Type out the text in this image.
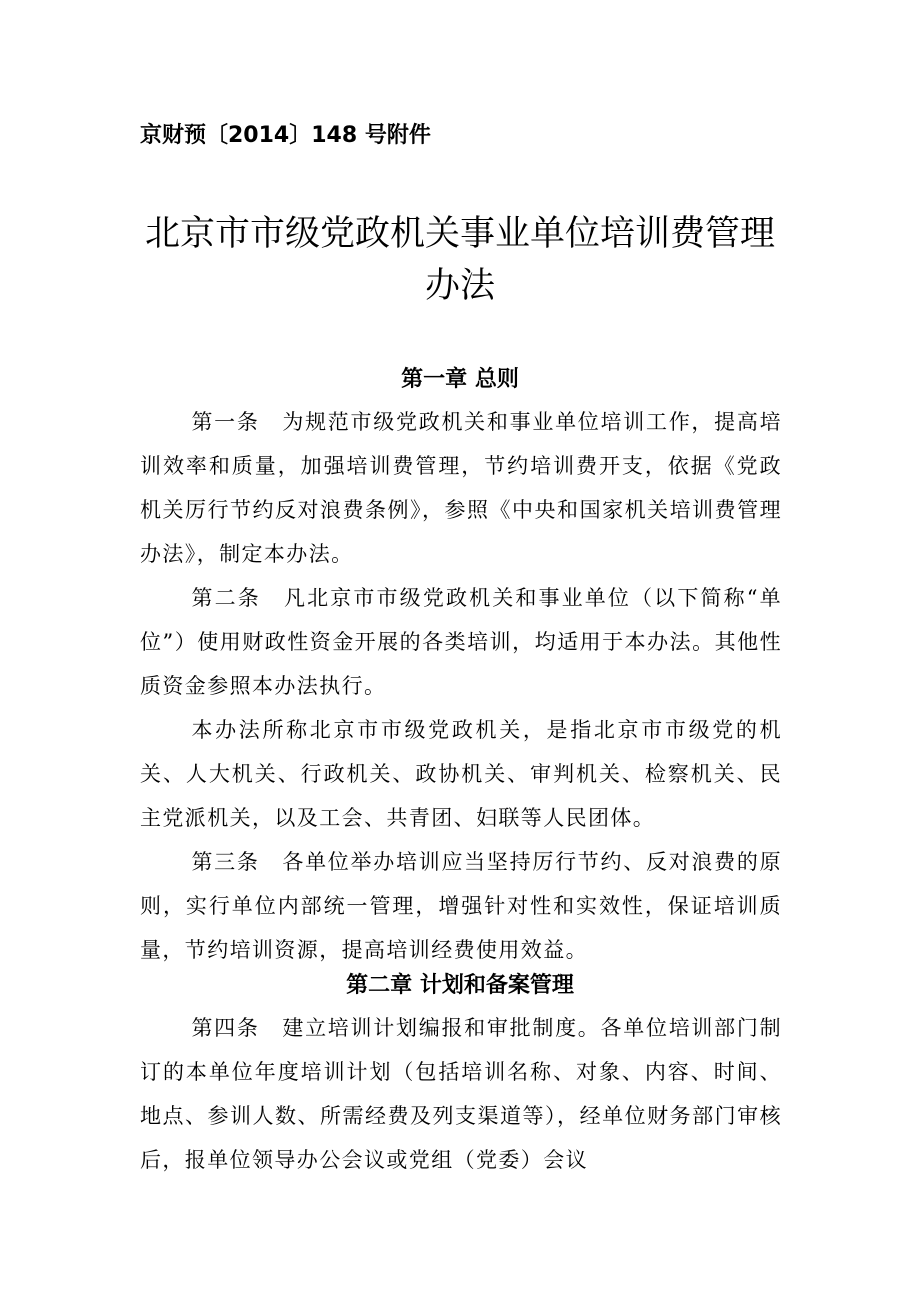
京财预〔2014〕148 号附件
北京市市级党政机关事业单位培训费管理
办法
第一章 总则
第一条　 为规范市级党政机关和事业单位培训工作，提高培训效率和质量，加强培训费管理，节约培训费开支，依据《党政机关厉行节约反对浪费条例》，参照《中央和国家机关培训费管理办法》，制定本办法。
第二条　 凡北京市市级党政机关和事业单位（以下简称“单位”）使用财政性资金开展的各类培训，均适用于本办法。其他性质资金参照本办法执行。
本办法所称北京市市级党政机关，是指北京市市级党的机关、人大机关、行政机关、政协机关、审判机关、检察机关、民主党派机关，以及工会、共青团、妇联等人民团体。
第三条　 各单位举办培训应当坚持厉行节约、反对浪费的原则，实行单位内部统一管理，增强针对性和实效性，保证培训质量，节约培训资源，提高培训经费使用效益。
第二章 计划和备案管理
第四条　 建立培训计划编报和审批制度。各单位培训部门制订的本单位年度培训计划（包括培训名称、对象、内容、时间、地点、参训人数、所需经费及列支渠道等），经单位财务部门审核后，报单位领导办公会议或党组（党委）会议
